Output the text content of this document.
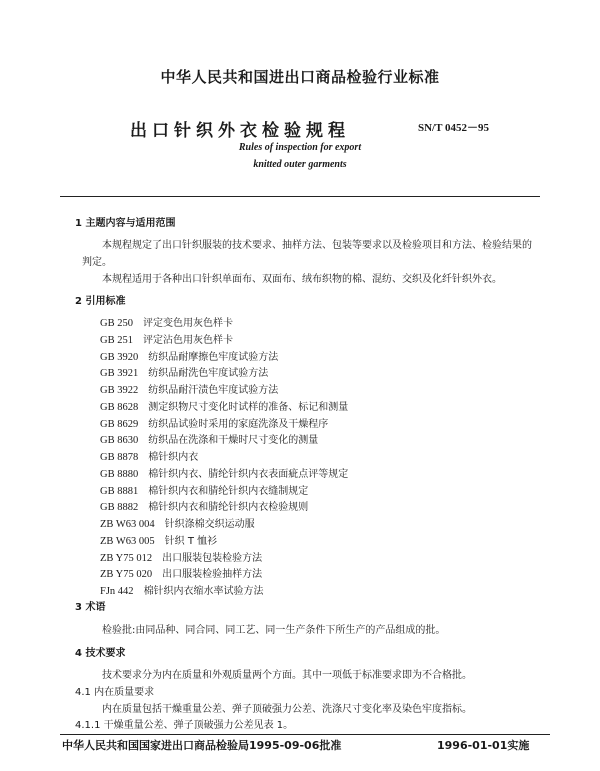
中华人民共和国进出口商品检验行业标准
出口针织外衣检验规程	SN/T 0452－95
Rules of inspection for export
knitted outer garments
1 主题内容与适用范围
本规程规定了出口针织服装的技术要求、抽样方法、包装等要求以及检验项目和方法、检验结果的
判定。
本规程适用于各种出口针织单面布、双面布、绒布织物的棉、混纺、交织及化纤针织外衣。
2 引用标准
GB 250  评定变色用灰色样卡
GB 251  评定沾色用灰色样卡
GB 3920  纺织品耐摩擦色牢度试验方法
GB 3921  纺织品耐洗色牢度试验方法
GB 3922  纺织品耐汗渍色牢度试验方法
GB 8628  测定织物尺寸变化时试样的准备、标记和测量
GB 8629  纺织品试验时采用的家庭洗涤及干燥程序
GB 8630  纺织品在洗涤和干燥时尺寸变化的测量
GB 8878  棉针织内衣
GB 8880  棉针织内衣、腈纶针织内衣表面疵点评等规定
GB 8881  棉针织内衣和腈纶针织内衣缝制规定
GB 8882  棉针织内衣和腈纶针织内衣检验规则
ZB W63 004  针织涤棉交织运动服
ZB W63 005  针织 T 恤衫
ZB Y75 012  出口服装包装检验方法
ZB Y75 020  出口服装检验抽样方法
FJn 442  棉针织内衣缩水率试验方法
3 术语
检验批:由同品种、同合同、同工艺、同一生产条件下所生产的产品组成的批。
4 技术要求
技术要求分为内在质量和外观质量两个方面。其中一项低于标准要求即为不合格批。
4.1 内在质量要求
内在质量包括干燥重量公差、弹子顶破强力公差、洗涤尺寸变化率及染色牢度指标。
4.1.1 干燥重量公差、弹子顶破强力公差见表 1。
中华人民共和国国家进出口商品检验局1995-09-06批准	1996-01-01实施
